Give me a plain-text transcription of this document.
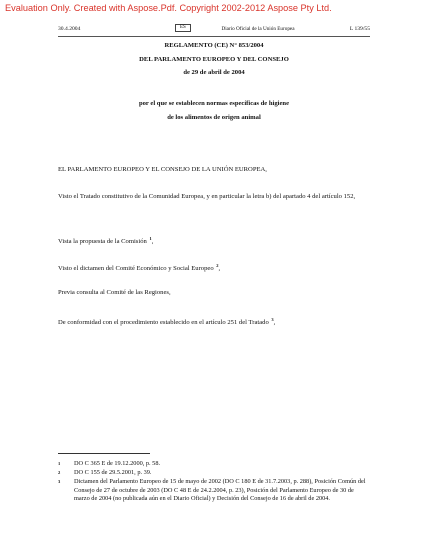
Evaluation Only. Created with Aspose.Pdf. Copyright 2002-2012 Aspose Pty Ltd.
30.4.2004	ES	Diario Oficial de la Unión Europea	L 139/55
REGLAMENTO (CE) N° 853/2004
DEL PARLAMENTO EUROPEO Y DEL CONSEJO
de 29 de abril de 2004
por el que se establecen normas específicas de higiene
de los alimentos de origen animal
EL PARLAMENTO EUROPEO Y EL CONSEJO DE LA UNIÓN EUROPEA,
Visto el Tratado constitutivo de la Comunidad Europea, y en particular la letra b) del apartado 4 del artículo 152,
Vista la propuesta de la Comisión $^1$,
Visto el dictamen del Comité Económico y Social Europeo $^2$,
Previa consulta al Comité de las Regiones,
De conformidad con el procedimiento establecido en el artículo 251 del Tratado $^3$,
1 DO C 365 E de 19.12.2000, p. 58.
2 DO C 155 de 29.5.2001, p. 39.
3 Dictamen del Parlamento Europeo de 15 de mayo de 2002 (DO C 180 E de 31.7.2003, p. 288), Posición Común del Consejo de 27 de octubre de 2003 (DO C 48 E de 24.2.2004, p. 23), Posición del Parlamento Europeo de 30 de marzo de 2004 (no publicada aún en el Diario Oficial) y Decisión del Consejo de 16 de abril de 2004.
